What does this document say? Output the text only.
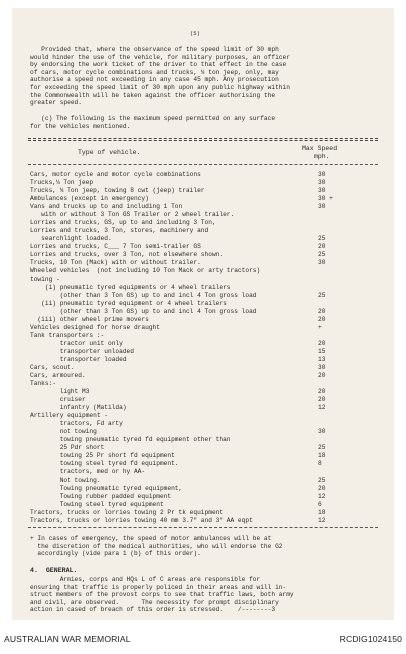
(5)
Provided that, where the observance of the speed limit of 30 mph
would hinder the use of the vehicle, for military purposes, an officer
by endorsing the work ticket of the driver to that effect in the case
of cars, motor cycle combinations and trucks, ¼ ton jeep, only, may
authorise a speed not exceeding in any case 45 mph. Any prosecution
for exceeding the speed limit of 30 mph upon any public highway within
the Commonwealth will be taken against the officer authorising the
greater speed.
(c) The following is the maximum speed permitted on any surface
for the vehicles mentioned.
Type of vehicle.
Max Speed
mph.
Cars, motor cycle and motor cycle combinations	30
Trucks,¼ Ton jeep	30
Trucks, ¼ Ton jeep, towing 8 cwt (jeep) trailer	30
Ambulances (except in emergency)	30 +
Vans and trucks up to and including 1 Ton	30
with or without 3 Ton GS Trailer or 2 wheel trailer.
Lorries and trucks, GS, up to and including 3 Ton,
Lorries and trucks, 3 Ton, stores, machinery and
searchlight loaded.	25
Lorries and trucks, C___ 7 Ton semi-trailer GS	20
Lorries and trucks, over 3 Ton, not elsewhere shown.	25
Trucks, 10 Ton (Mack) with or without trailer.	30
Wheeled vehicles  (not including 10 Ton Mack or arty tractors)
towing -
(i) pneumatic tyred equipments or 4 wheel trailers
(other than 3 Ton GS) up to and incl 4 Ton gross load	25
(ii) pneumatic tyred equipment or 4 wheel trailers
(other than 3 Ton GS) up to and incl 4 Ton gross load	20
(iii) other wheel prime movers	20
Vehicles designed for horse draught	+
Tank transporters :-
tractor unit only	20
transporter unloaded	15
transporter loaded	13
Cars, scout.	30
Cars, armoured.	20
Tanks:-
light M3	20
cruiser	20
infantry (Matilda)	12
Artillery equipment -
tractors, Fd arty
not towing	30
towing pneumatic tyred fd equipment other than
25 Pdr short	25
towing 25 Pr short fd equipment	18
towing steel tyred fd equipment.	8
tractors, med or hy AA-
Not towing.	25
Towing pneumatic tyred equipment,	20
Towing rubber padded equipment	12
Towing steel tyred equipment	6
Tractors, trucks or lorries towing 2 Pr tk equipment	18
Tractors, trucks or lorries towing 40 mm 3.7" and 3" AA eqpt	12
+ In cases of emergency, the speed of motor ambulances will be at
the discretion of the medical authorities, who will endorse the G2
accordingly (vide para 1 (b) of this order).
4.  GENERAL.
Armies, corps and HQs L of C areas are responsible for
ensuring that traffic is properly policed in their areas and will in-
struct members of the provost corps to see that traffic laws, both army
and civil, are observed.      The necessity for prompt disciplinary
action in cased of breach of this order is stressed.    /--------3
AUSTRALIAN WAR MEMORIAL	RCDIG1024150
